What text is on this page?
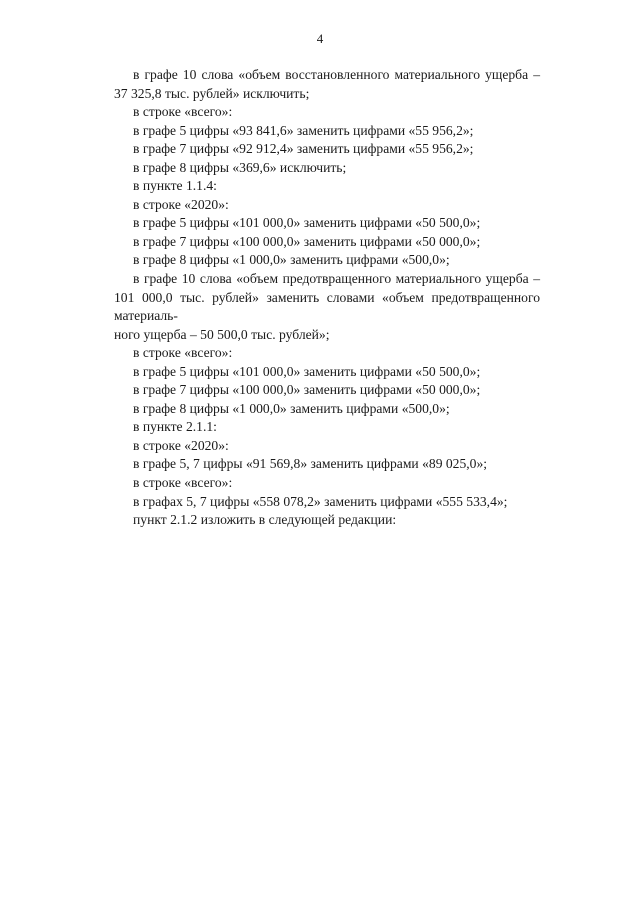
4
в графе 10 слова «объем восстановленного материального ущерба –
37 325,8 тыс. рублей» исключить;
в строке «всего»:
в графе 5 цифры «93 841,6» заменить цифрами «55 956,2»;
в графе 7 цифры «92 912,4» заменить цифрами «55 956,2»;
в графе 8 цифры «369,6» исключить;
в пункте 1.1.4:
в строке «2020»:
в графе 5 цифры «101 000,0» заменить цифрами «50 500,0»;
в графе 7 цифры «100 000,0» заменить цифрами «50 000,0»;
в графе 8 цифры «1 000,0» заменить цифрами «500,0»;
в графе 10 слова «объем предотвращенного материального ущерба –
101 000,0 тыс. рублей» заменить словами «объем предотвращенного материаль-
ного ущерба – 50 500,0 тыс. рублей»;
в строке «всего»:
в графе 5 цифры «101 000,0» заменить цифрами «50 500,0»;
в графе 7 цифры «100 000,0» заменить цифрами «50 000,0»;
в графе 8 цифры «1 000,0» заменить цифрами «500,0»;
в пункте 2.1.1:
в строке «2020»:
в графе 5, 7 цифры «91 569,8» заменить цифрами «89 025,0»;
в строке «всего»:
в графах 5, 7 цифры «558 078,2» заменить цифрами «555 533,4»;
пункт 2.1.2 изложить в следующей редакции:
